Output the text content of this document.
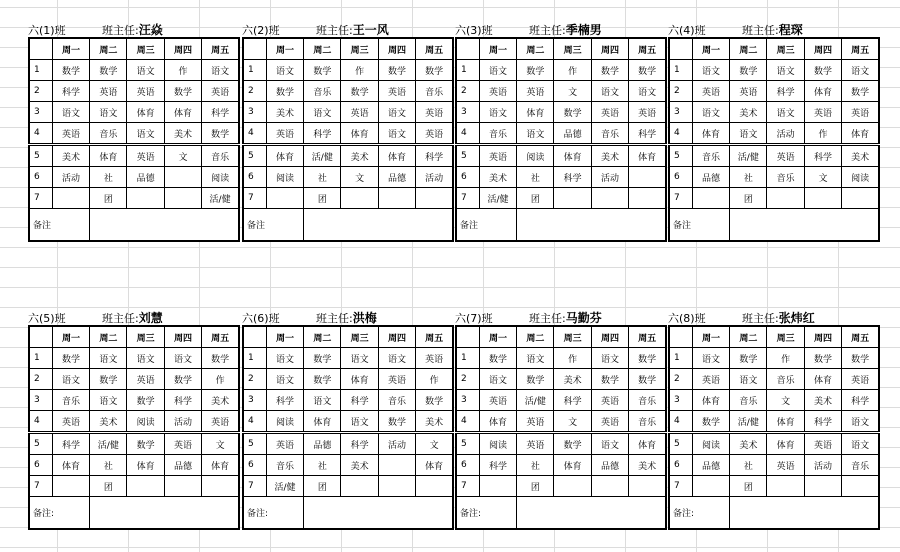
六(1)班	班主任:汪焱
	周一	周二	周三	周四	周五
1	数学	数学	语文	作	语文
2	科学	英语	英语	数学	英语
3	语文	语文	体育	体育	科学
4	英语	音乐	语文	美术	数学
5	美术	体育	英语	文	音乐
6	活动	社	品德		阅读
7		团			活/健
备注					
六(2)班	班主任:王一风
	周一	周二	周三	周四	周五
1	语文	数学	作	数学	数学
2	数学	音乐	数学	英语	音乐
3	美术	语文	英语	语文	英语
4	英语	科学	体育	语文	英语
5	体育	活/健	美术	体育	科学
6	阅读	社	文	品德	活动
7		团			
备注					
六(3)班	班主任:季楠男
	周一	周二	周三	周四	周五
1	语文	数学	作	数学	数学
2	英语	英语	文	语文	语文
3	语文	体育	数学	英语	英语
4	音乐	语文	品德	音乐	科学
5	英语	阅读	体育	美术	体育
6	美术	社	科学	活动	
7	活/健	团			
备注					
六(4)班	班主任:程琛
	周一	周二	周三	周四	周五
1	语文	数学	语文	数学	语文
2	英语	英语	科学	体育	数学
3	语文	美术	语文	英语	英语
4	体育	语文	活动	作	体育
5	音乐	活/健	英语	科学	美术
6	品德	社	音乐	文	阅读
7		团			
备注					
六(5)班	班主任:刘慧
	周一	周二	周三	周四	周五
1	数学	语文	语文	语文	数学
2	语文	数学	英语	数学	作
3	音乐	语文	数学	科学	美术
4	英语	美术	阅读	活动	英语
5	科学	活/健	数学	英语	文
6	体育	社	体育	品德	体育
7		团			
备注:					
六(6)班	班主任:洪梅
	周一	周二	周三	周四	周五
1	语文	数学	语文	语文	英语
2	语文	数学	体育	英语	作
3	科学	语文	科学	音乐	数学
4	阅读	体育	语文	数学	美术
5	英语	品德	科学	活动	文
6	音乐	社	美术		体育
7	活/健	团			
备注:					
六(7)班	班主任:马勤芬
	周一	周二	周三	周四	周五
1	数学	语文	作	语文	数学
2	语文	数学	美术	数学	数学
3	英语	活/健	科学	英语	音乐
4	体育	英语	文	英语	音乐
5	阅读	英语	数学	语文	体育
6	科学	社	体育	品德	美术
7		团			
备注:					
六(8)班	班主任:张炜红
	周一	周二	周三	周四	周五
1	语文	数学	作	数学	数学
2	英语	语文	音乐	体育	英语
3	体育	音乐	文	美术	科学
4	数学	活/健	体育	科学	语文
5	阅读	美术	体育	英语	语文
6	品德	社	英语	活动	音乐
7		团			
备注:					
